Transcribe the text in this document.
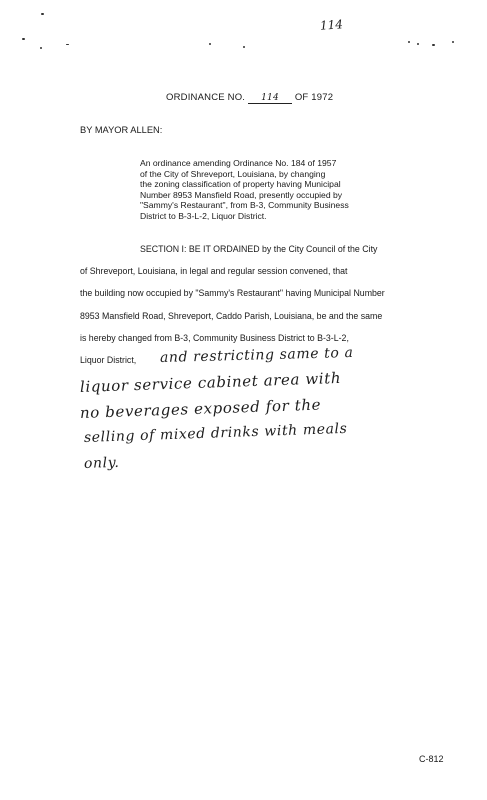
114
ORDINANCE NO. 114 OF 1972
BY MAYOR ALLEN:
An ordinance amending Ordinance No. 184 of 1957
of the City of Shreveport, Louisiana, by changing
the zoning classification of property having Municipal
Number 8953 Mansfield Road, presently occupied by
"Sammy's Restaurant", from B-3, Community Business
District to B-3-L-2, Liquor District.
SECTION I: BE IT ORDAINED by the City Council of the City
of Shreveport, Louisiana, in legal and regular session convened, that
the building now occupied by "Sammy's Restaurant" having Municipal Number
8953 Mansfield Road, Shreveport, Caddo Parish, Louisiana, be and the same
is hereby changed from B-3, Community Business District to B-3-L-2,
Liquor District, and restricting same to a
liquor service cabinet area with
no beverages exposed for the
selling of mixed drinks with meals
only.
C-812
